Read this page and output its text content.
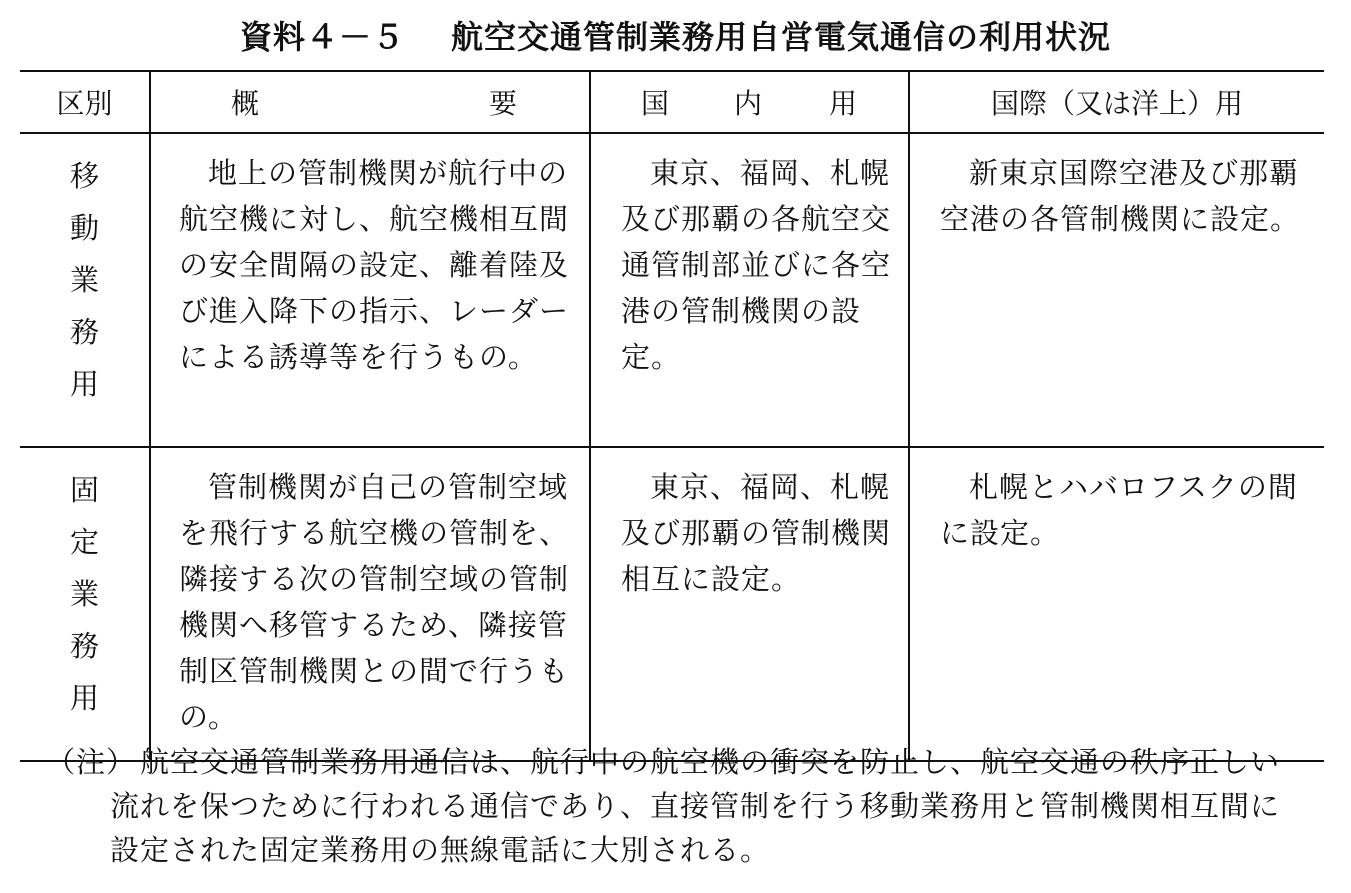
資料４－５ 航空交通管制業務用自営電気通信の利用状況
区別	概 要	国 内 用	国際（又は洋上）用

移
動
業
務
用	地上の管制機関が航行中の航空機に対し、航空機相互間の安全間隔の設定、離着陸及び進入降下の指示、レーダーによる誘導等を行うもの。	東京、福岡、札幌及び那覇の各航空交通管制部並びに各空港の管制機関の設定。	新東京国際空港及び那覇空港の各管制機関に設定。

固
定
業
務
用	管制機関が自己の管制空域を飛行する航空機の管制を、隣接する次の管制空域の管制機関へ移管するため、隣接管制区管制機関との間で行うもの。	東京、福岡、札幌及び那覇の管制機関相互に設定。	札幌とハバロフスクの間に設定。
（注） 航空交通管制業務用通信は、航行中の航空機の衝突を防止し、航空交通の秩序正しい流れを保つために行われる通信であり、直接管制を行う移動業務用と管制機関相互間に設定された固定業務用の無線電話に大別される。
